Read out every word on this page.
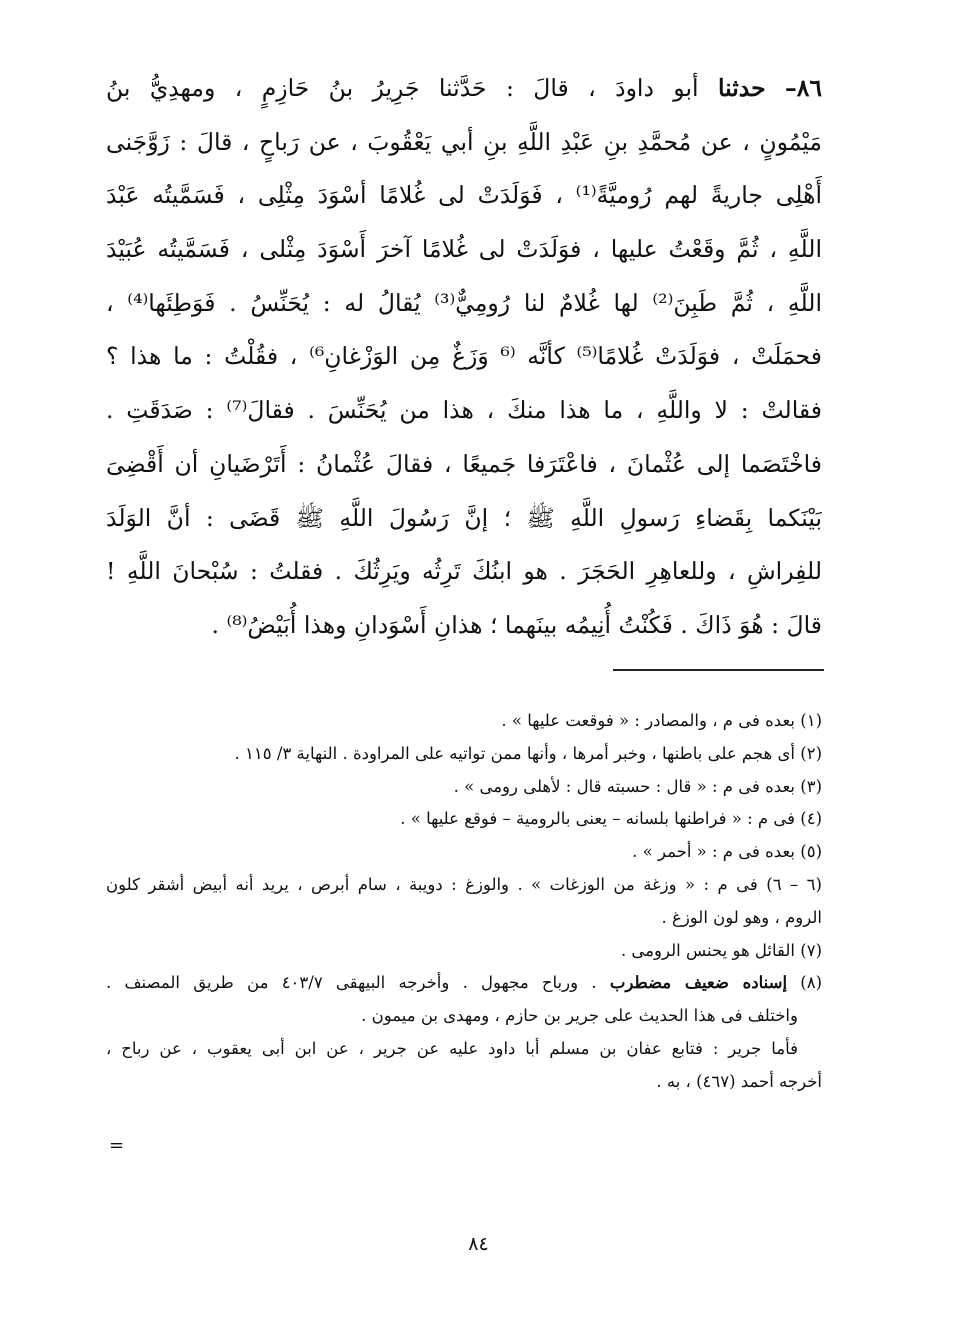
٨٦– حدثنا أبو داودَ ، قالَ : حَدَّثنا جَرِيرُ بنُ حَازِمٍ ، ومهدِيُّ بنُ
مَيْمُونٍ ، عن مُحمَّدِ بنِ عَبْدِ اللَّهِ بنِ أبي يَعْقُوبَ ، عن رَباحٍ ، قالَ : زَوَّجَنى
أَهْلِى جاريةً لهم رُوميَّةً⁽¹⁾ ، فَوَلَدَتْ لى غُلامًا أسْوَدَ مِثْلِى ، فَسَمَّيتُه عَبْدَ
اللَّهِ ، ثُمَّ وقَعْتُ عليها ، فوَلَدَتْ لى غُلامًا آخرَ أَسْوَدَ مِثْلى ، فَسَمَّيتُه عُبَيْدَ
اللَّهِ ، ثُمَّ طَبِنَ⁽²⁾ لها غُلامٌ لنا رُومِيٌّ⁽³⁾ يُقالُ له : يُحَنِّسُ . فَوَطِئَها⁽⁴⁾ ،
فحمَلَتْ ، فوَلَدَتْ غُلامًا⁽⁵⁾ كأنَّه ⁽⁶ وَزَغٌ مِن الوَزْغانِ⁶⁾ ، فقُلْتُ : ما هذا ؟
فقالتْ : لا واللَّهِ ، ما هذا منكَ ، هذا من يُحَنِّسَ . فقالَ⁽⁷⁾ : صَدَقَتِ .
فاخْتَصَما إلى عُثْمانَ ، فاعْتَرَفا جَميعًا ، فقالَ عُثْمانُ : أَتَرْضَيانِ أن أَقْضِىَ
بَيْنَكما بِقَضاءِ رَسولِ اللَّهِ ﷺ ؛ إنَّ رَسُولَ اللَّهِ ﷺ قَضَى : أنَّ الوَلَدَ
للفِراشِ ، وللعاهِرِ الحَجَرَ . هو ابنُكَ تَرِثُه ويَرِثُكَ . فقلتُ : سُبْحانَ اللَّهِ !
قالَ : هُوَ ذَاكَ . فَكُنْتُ أُنِيمُه بينَهما ؛ هذانِ أَسْوَدانِ وهذا أُبَيْضُ⁽⁸⁾ .
(١) بعده فى م ، والمصادر : « فوقعت عليها » .
(٢) أى هجم على باطنها ، وخبر أمرها ، وأنها ممن تواتيه على المراودة . النهاية ٣/ ١١٥ .
(٣) بعده فى م : « قال : حسبته قال : لأهلى رومى » .
(٤) فى م : « فراطنها بلسانه – يعنى بالرومية – فوقع عليها » .
(٥) بعده فى م : « أحمر » .
(٦ – ٦) فى م : « وزغة من الوزغات » . والوزغ : دويبة ، سام أبرص ، يريد أنه أبيض أشقر كلون
الروم ، وهو لون الوزغ .
(٧) القائل هو يحنس الرومى .
(٨) إسناده ضعيف مضطرب . ورباح مجهول . وأخرجه البيهقى ٤٠٣/٧ من طريق المصنف .
واختلف فى هذا الحديث على جرير بن حازم ، ومهدى بن ميمون .
فأما جرير : فتابع عفان بن مسلم أبا داود عليه عن جرير ، عن ابن أبى يعقوب ، عن رباح ،
أخرجه أحمد (٤٦٧) ، به .
=
٨٤
